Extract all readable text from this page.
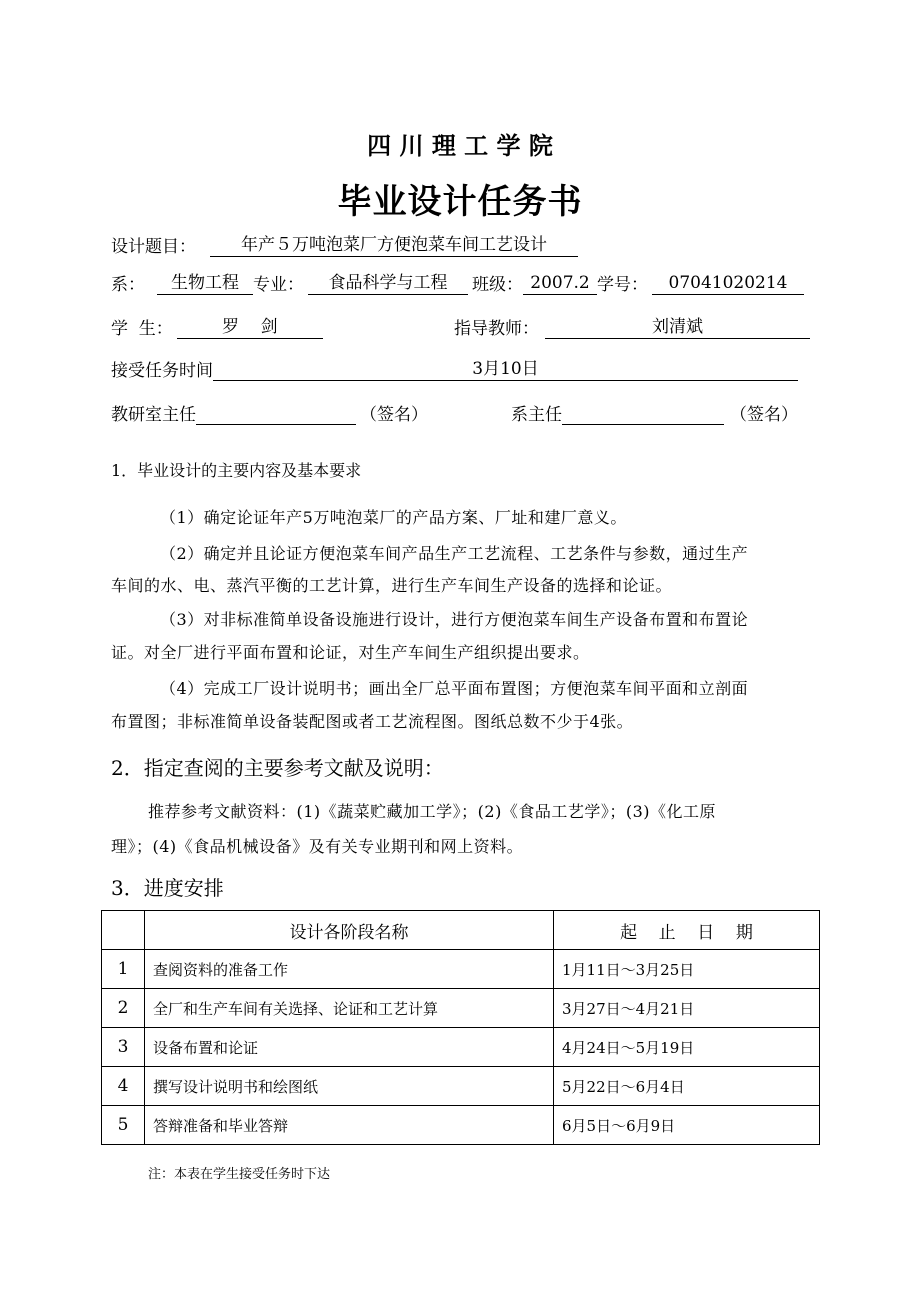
四 川 理 工 学 院
毕业设计任务书
设计题目：	年产５万吨泡菜厂方便泡菜车间工艺设计
系： 生物工程 专业： 食品科学与工程 班级： 2007.2 学号： 07041020214
学  生：	罗    剑	指导教师：	刘清斌
接受任务时间	3月10日
教研室主任	（签名）	系主任	（签名）
1．毕业设计的主要内容及基本要求
（1）确定论证年产5万吨泡菜厂的产品方案、厂址和建厂意义。
（2）确定并且论证方便泡菜车间产品生产工艺流程、工艺条件与参数，通过生产
车间的水、电、蒸汽平衡的工艺计算，进行生产车间生产设备的选择和论证。
（3）对非标准简单设备设施进行设计，进行方便泡菜车间生产设备布置和布置论
证。对全厂进行平面布置和论证，对生产车间生产组织提出要求。
（4）完成工厂设计说明书；画出全厂总平面布置图；方便泡菜车间平面和立剖面
布置图；非标准简单设备装配图或者工艺流程图。图纸总数不少于4张。
2．指定查阅的主要参考文献及说明：
推荐参考文献资料：(1)《蔬菜贮藏加工学》；(2)《食品工艺学》；(3)《化工原
理》；(4)《食品机械设备》及有关专业期刊和网上资料。
3．进度安排
	设计各阶段名称	起    止    日    期
1	查阅资料的准备工作	1月11日～3月25日
2	全厂和生产车间有关选择、论证和工艺计算	3月27日～4月21日
3	设备布置和论证	4月24日～5月19日
4	撰写设计说明书和绘图纸	5月22日～6月4日
5	答辩准备和毕业答辩	6月5日～6月9日
注：本表在学生接受任务时下达
